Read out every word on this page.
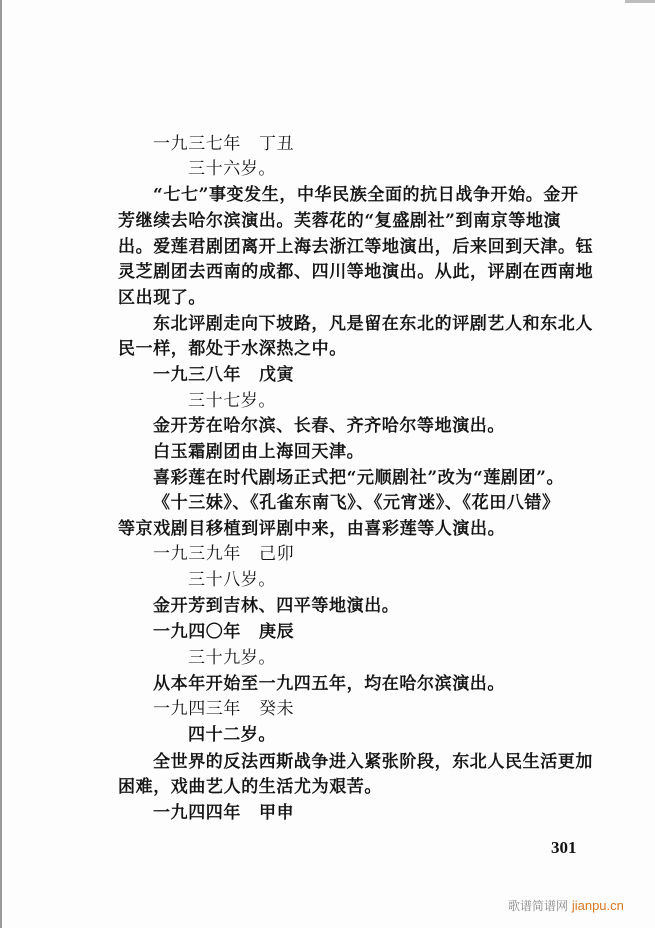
一九三七年 丁丑
三十六岁。
“七七”事变发生，中华民族全面的抗日战争开始。金开
芳继续去哈尔滨演出。芙蓉花的“复盛剧社”到南京等地演
出。爱莲君剧团离开上海去浙江等地演出，后来回到天津。钰
灵芝剧团去西南的成都、四川等地演出。从此，评剧在西南地
区出现了。
东北评剧走向下坡路，凡是留在东北的评剧艺人和东北人
民一样，都处于水深热之中。
一九三八年 戊寅
三十七岁。
金开芳在哈尔滨、长春、齐齐哈尔等地演出。
白玉霜剧团由上海回天津。
喜彩莲在时代剧场正式把“元顺剧社”改为“莲剧团”。
《十三妹》、《孔雀东南飞》、《元宵迷》、《花田八错》
等京戏剧目移植到评剧中来，由喜彩莲等人演出。
一九三九年 己卯
三十八岁。
金开芳到吉林、四平等地演出。
一九四〇年 庚辰
三十九岁。
从本年开始至一九四五年，均在哈尔滨演出。
一九四三年 癸未
四十二岁。
全世界的反法西斯战争进入紧张阶段，东北人民生活更加
困难，戏曲艺人的生活尤为艰苦。
一九四四年 甲申
301
歌谱简谱网 jianpu.cn
